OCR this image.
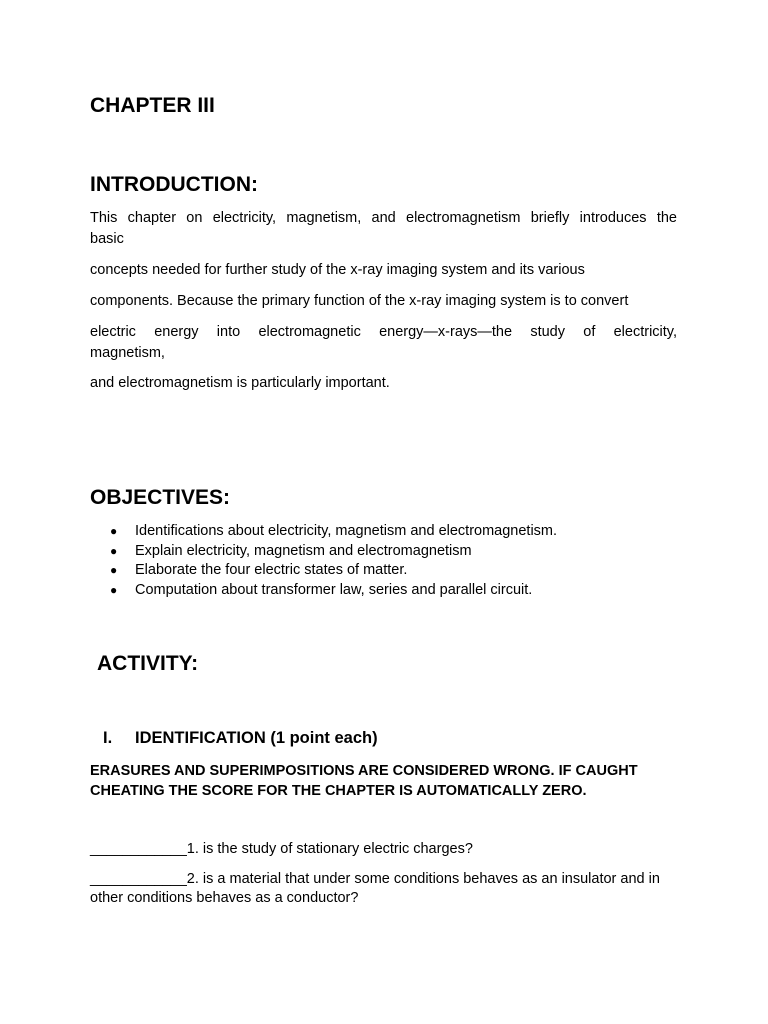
CHAPTER III
INTRODUCTION:

This chapter on electricity, magnetism, and electromagnetism briefly introduces the

basic

concepts needed for further study of the x-ray imaging system and its various

components. Because the primary function of the x-ray imaging system is to convert

electric energy into electromagnetic energy—x-rays—the study of electricity,

magnetism,

and electromagnetism is particularly important.

OBJECTIVES:
● Identifications about electricity, magnetism and electromagnetism.
● Explain electricity, magnetism and electromagnetism
● Elaborate the four electric states of matter.
● Computation about transformer law, series and parallel circuit.
ACTIVITY:
I. IDENTIFICATION (1 point each)

ERASURES AND SUPERIMPOSITIONS ARE CONSIDERED WRONG. IF CAUGHT CHEATING THE SCORE FOR THE CHAPTER IS AUTOMATICALLY ZERO.

____________1. is the study of stationary electric charges?

____________2. is a material that under some conditions behaves as an insulator and in other conditions behaves as a conductor?
